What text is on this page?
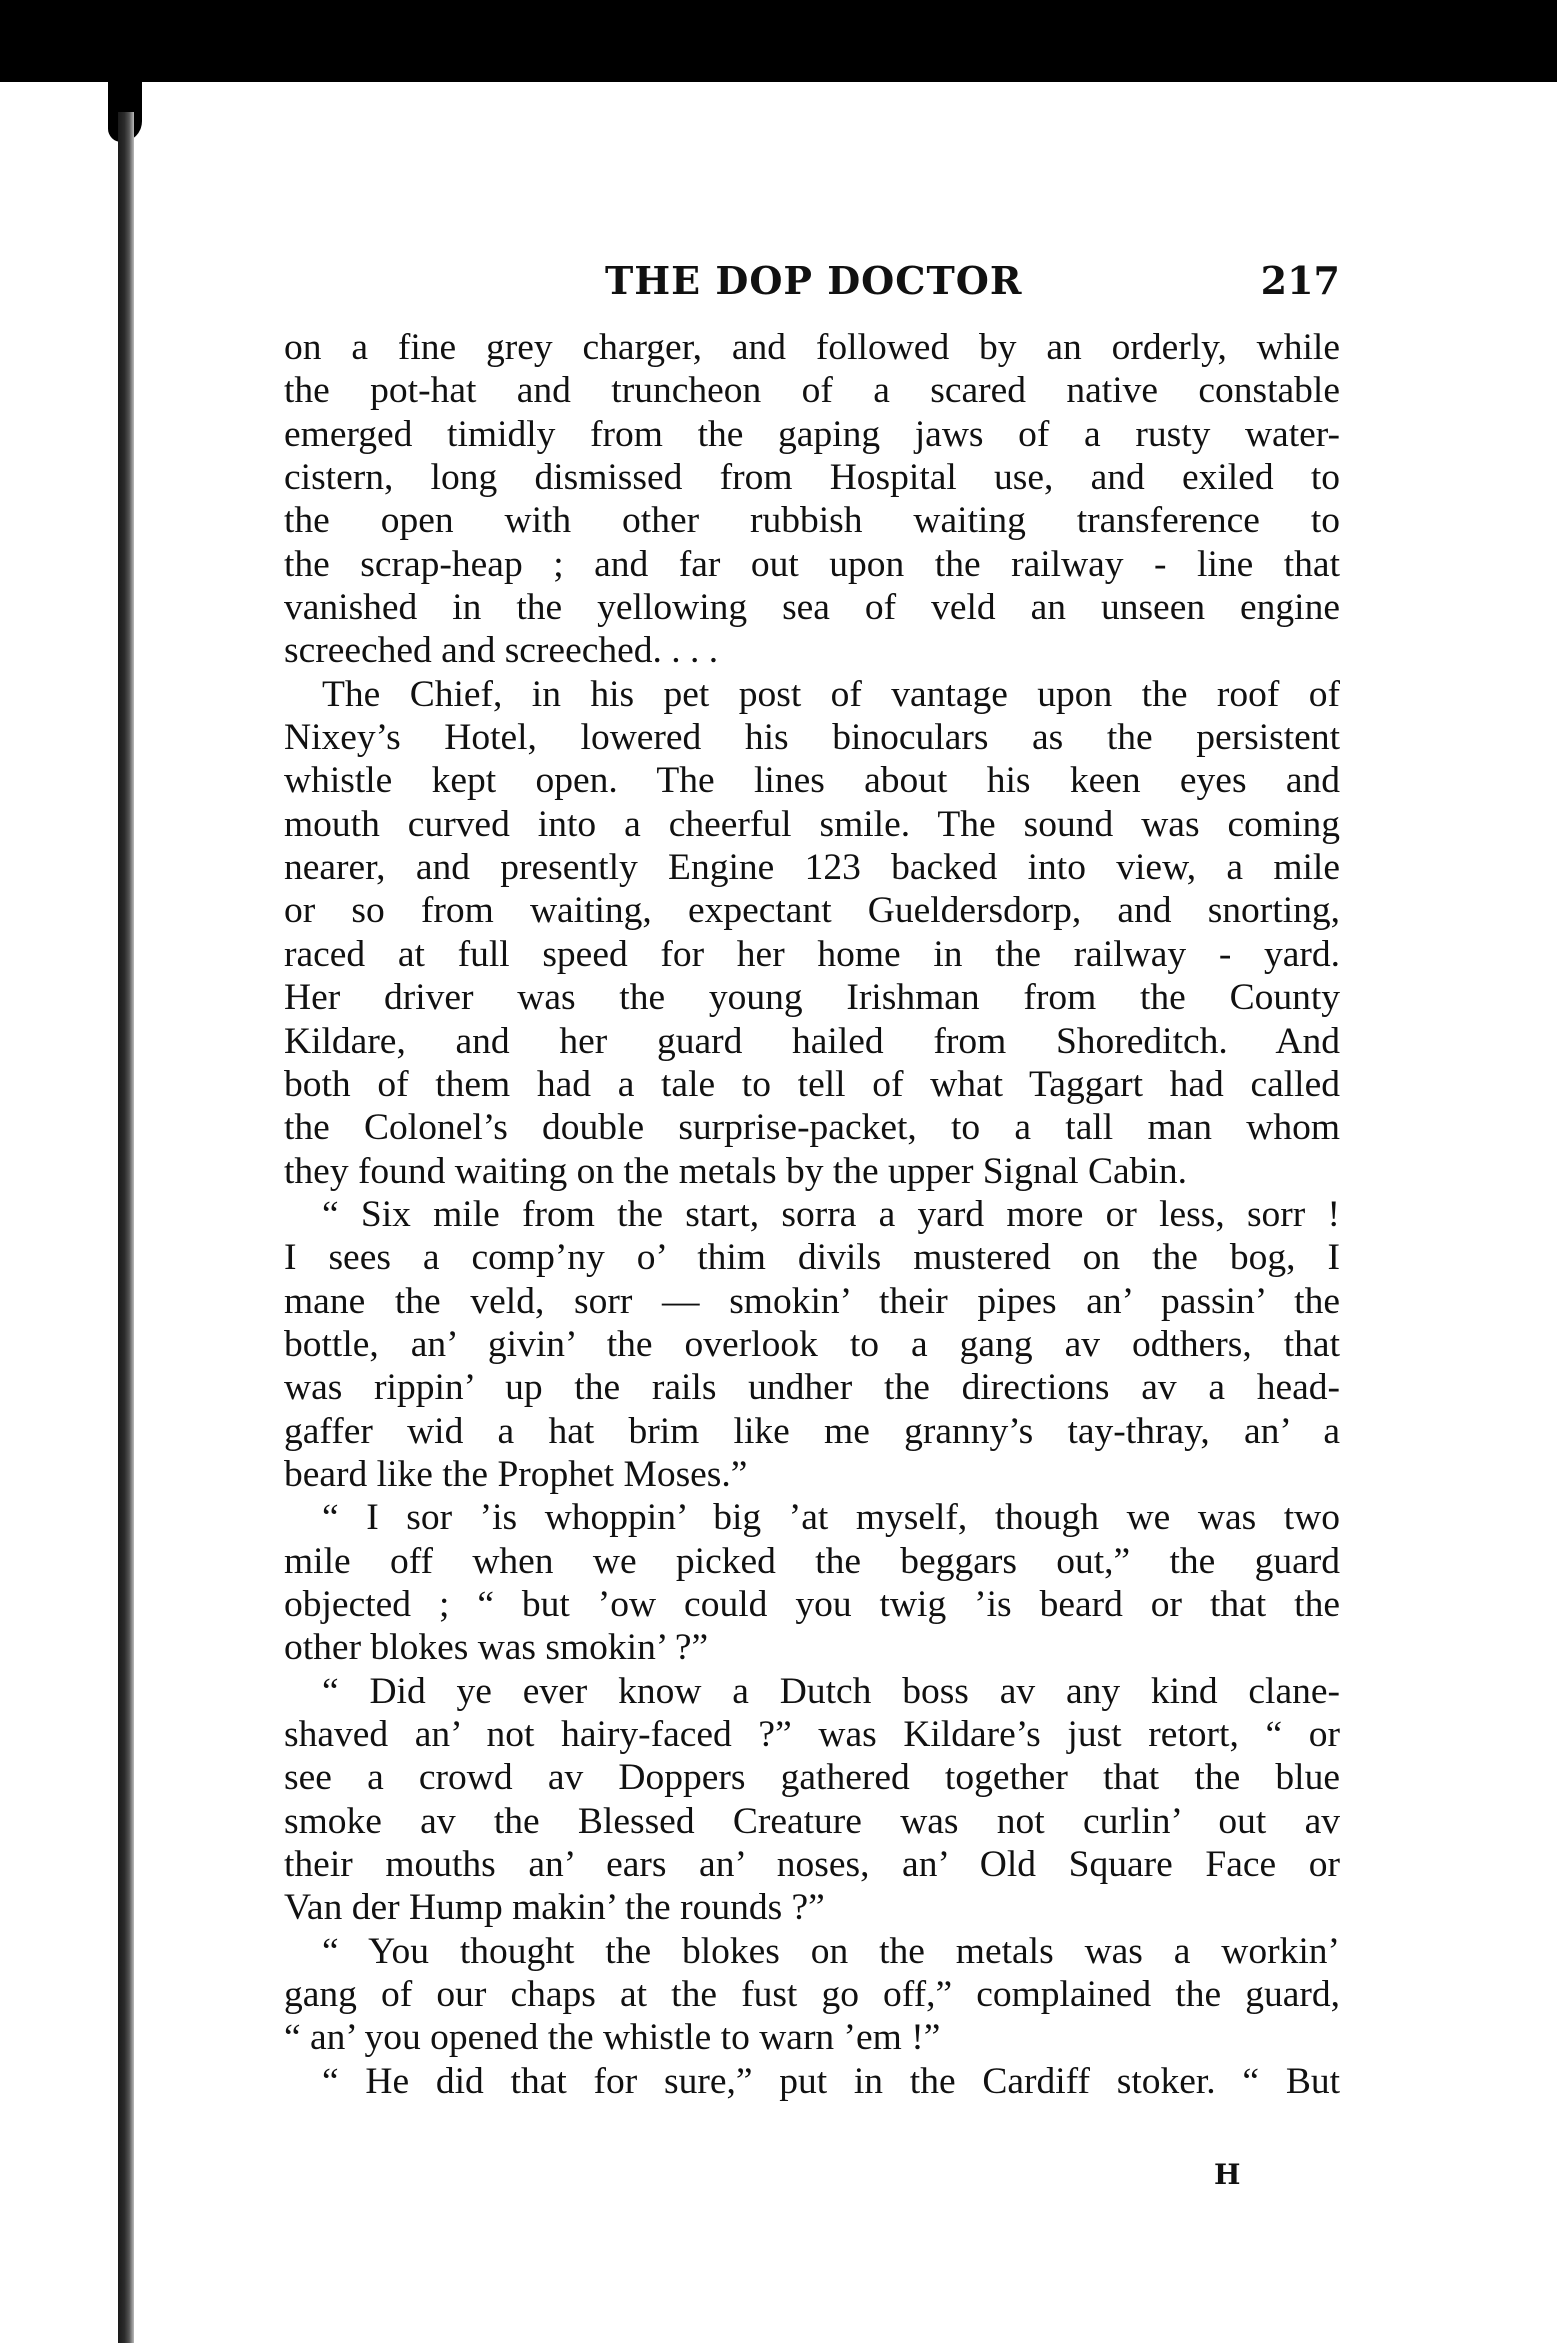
THE DOP DOCTOR	217
on a fine grey charger, and followed by an orderly, while
the pot-hat and truncheon of a scared native constable
emerged timidly from the gaping jaws of a rusty water-
cistern, long dismissed from Hospital use, and exiled to
the open with other rubbish waiting transference to
the scrap-heap ; and far out upon the railway - line that
vanished in the yellowing sea of veld an unseen engine
screeched and screeched. . . .
The Chief, in his pet post of vantage upon the roof of
Nixey’s Hotel, lowered his binoculars as the persistent
whistle kept open. The lines about his keen eyes and
mouth curved into a cheerful smile. The sound was coming
nearer, and presently Engine 123 backed into view, a mile
or so from waiting, expectant Gueldersdorp, and snorting,
raced at full speed for her home in the railway - yard.
Her driver was the young Irishman from the County
Kildare, and her guard hailed from Shoreditch. And
both of them had a tale to tell of what Taggart had called
the Colonel’s double surprise-packet, to a tall man whom
they found waiting on the metals by the upper Signal Cabin.
“ Six mile from the start, sorra a yard more or less, sorr !
I sees a comp’ny o’ thim divils mustered on the bog, I
mane the veld, sorr — smokin’ their pipes an’ passin’ the
bottle, an’ givin’ the overlook to a gang av odthers, that
was rippin’ up the rails undher the directions av a head-
gaffer wid a hat brim like me granny’s tay-thray, an’ a
beard like the Prophet Moses.”
“ I sor ’is whoppin’ big ’at myself, though we was two
mile off when we picked the beggars out,” the guard
objected ; “ but ’ow could you twig ’is beard or that the
other blokes was smokin’ ?”
“ Did ye ever know a Dutch boss av any kind clane-
shaved an’ not hairy-faced ?” was Kildare’s just retort, “ or
see a crowd av Doppers gathered together that the blue
smoke av the Blessed Creature was not curlin’ out av
their mouths an’ ears an’ noses, an’ Old Square Face or
Van der Hump makin’ the rounds ?”
“ You thought the blokes on the metals was a workin’
gang of our chaps at the fust go off,” complained the guard,
“ an’ you opened the whistle to warn ’em !”
“ He did that for sure,” put in the Cardiff stoker. “ But
H
